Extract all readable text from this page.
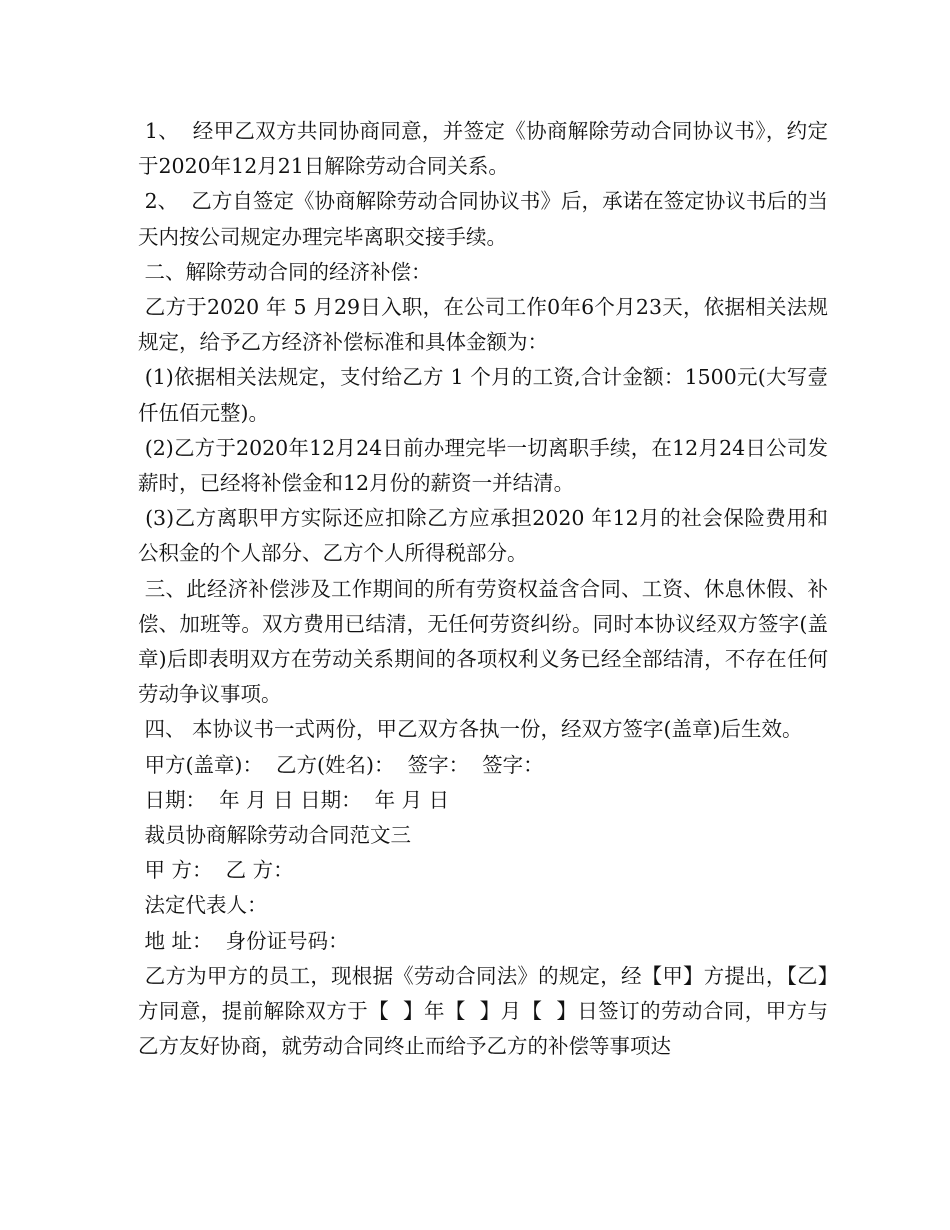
1、  经甲乙双方共同协商同意，并签定《协商解除劳动合同协议书》，约定于2020年12月21日解除劳动合同关系。

2、  乙方自签定《协商解除劳动合同协议书》后，承诺在签定协议书后的当天内按公司规定办理完毕离职交接手续。

二、解除劳动合同的经济补偿：

乙方于2020 年 5 月29日入职，在公司工作0年6个月23天，依据相关法规规定，给予乙方经济补偿标准和具体金额为：

(1)依据相关法规定，支付给乙方 1 个月的工资,合计金额：1500元(大写壹仟伍佰元整)。

(2)乙方于2020年12月24日前办理完毕一切离职手续，在12月24日公司发薪时，已经将补偿金和12月份的薪资一并结清。

(3)乙方离职甲方实际还应扣除乙方应承担2020 年12月的社会保险费用和公积金的个人部分、乙方个人所得税部分。

三、此经济补偿涉及工作期间的所有劳资权益含合同、工资、休息休假、补偿、加班等。双方费用已结清，无任何劳资纠纷。同时本协议经双方签字(盖章)后即表明双方在劳动关系期间的各项权利义务已经全部结清，不存在任何劳动争议事项。

四、 本协议书一式两份，甲乙双方各执一份，经双方签字(盖章)后生效。

甲方(盖章)：  乙方(姓名)：  签字：  签字：

日期：  年 月 日 日期：  年 月 日

裁员协商解除劳动合同范文三

甲 方：  乙 方：

法定代表人：

地 址：  身份证号码：

乙方为甲方的员工，现根据《劳动合同法》的规定，经【甲】方提出，【乙】方同意，提前解除双方于【  】年【  】月【  】日签订的劳动合同，甲方与乙方友好协商，就劳动合同终止而给予乙方的补偿等事项达
